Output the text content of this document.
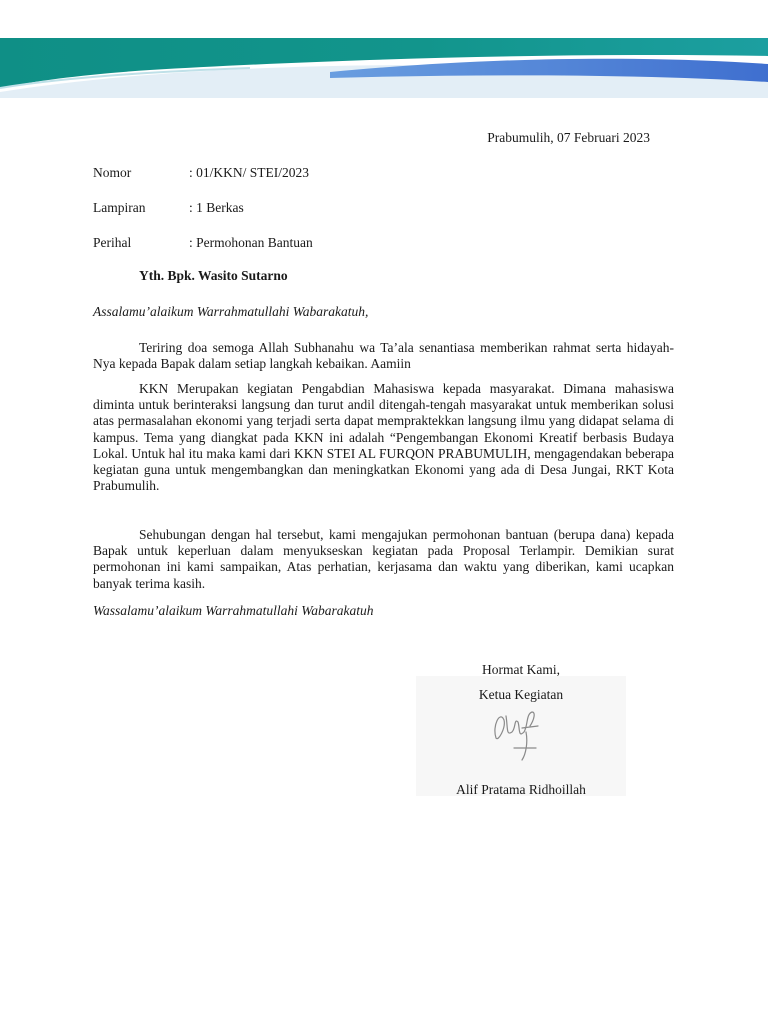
Prabumulih, 07 Februari 2023
Nomor	: 01/KKN/ STEI/2023
Lampiran	: 1 Berkas
Perihal	: Permohonan Bantuan
Yth. Bpk. Wasito Sutarno
Assalamu’alaikum Warrahmatullahi Wabarakatuh,

Teriring doa semoga Allah Subhanahu wa Ta’ala senantiasa memberikan rahmat serta hidayah-Nya kepada Bapak dalam setiap langkah kebaikan. Aamiin

KKN Merupakan kegiatan Pengabdian Mahasiswa kepada masyarakat. Dimana mahasiswa diminta untuk berinteraksi langsung dan turut andil ditengah-tengah masyarakat untuk memberikan solusi atas permasalahan ekonomi yang terjadi serta dapat mempraktekkan langsung ilmu yang didapat selama di kampus. Tema yang diangkat pada KKN ini adalah “Pengembangan Ekonomi Kreatif berbasis Budaya Lokal. Untuk hal itu maka kami dari KKN STEI AL FURQON PRABUMULIH, mengagendakan beberapa kegiatan guna untuk mengembangkan dan meningkatkan Ekonomi yang ada di Desa Jungai, RKT Kota Prabumulih.

Sehubungan dengan hal tersebut, kami mengajukan permohonan bantuan (berupa dana) kepada Bapak untuk keperluan dalam menyukseskan kegiatan pada Proposal Terlampir. Demikian surat permohonan ini kami sampaikan, Atas perhatian, kerjasama dan waktu yang diberikan, kami ucapkan banyak terima kasih.

Wassalamu’alaikum Warrahmatullahi Wabarakatuh
Hormat Kami,
Ketua Kegiatan
Alif Pratama Ridhoillah
